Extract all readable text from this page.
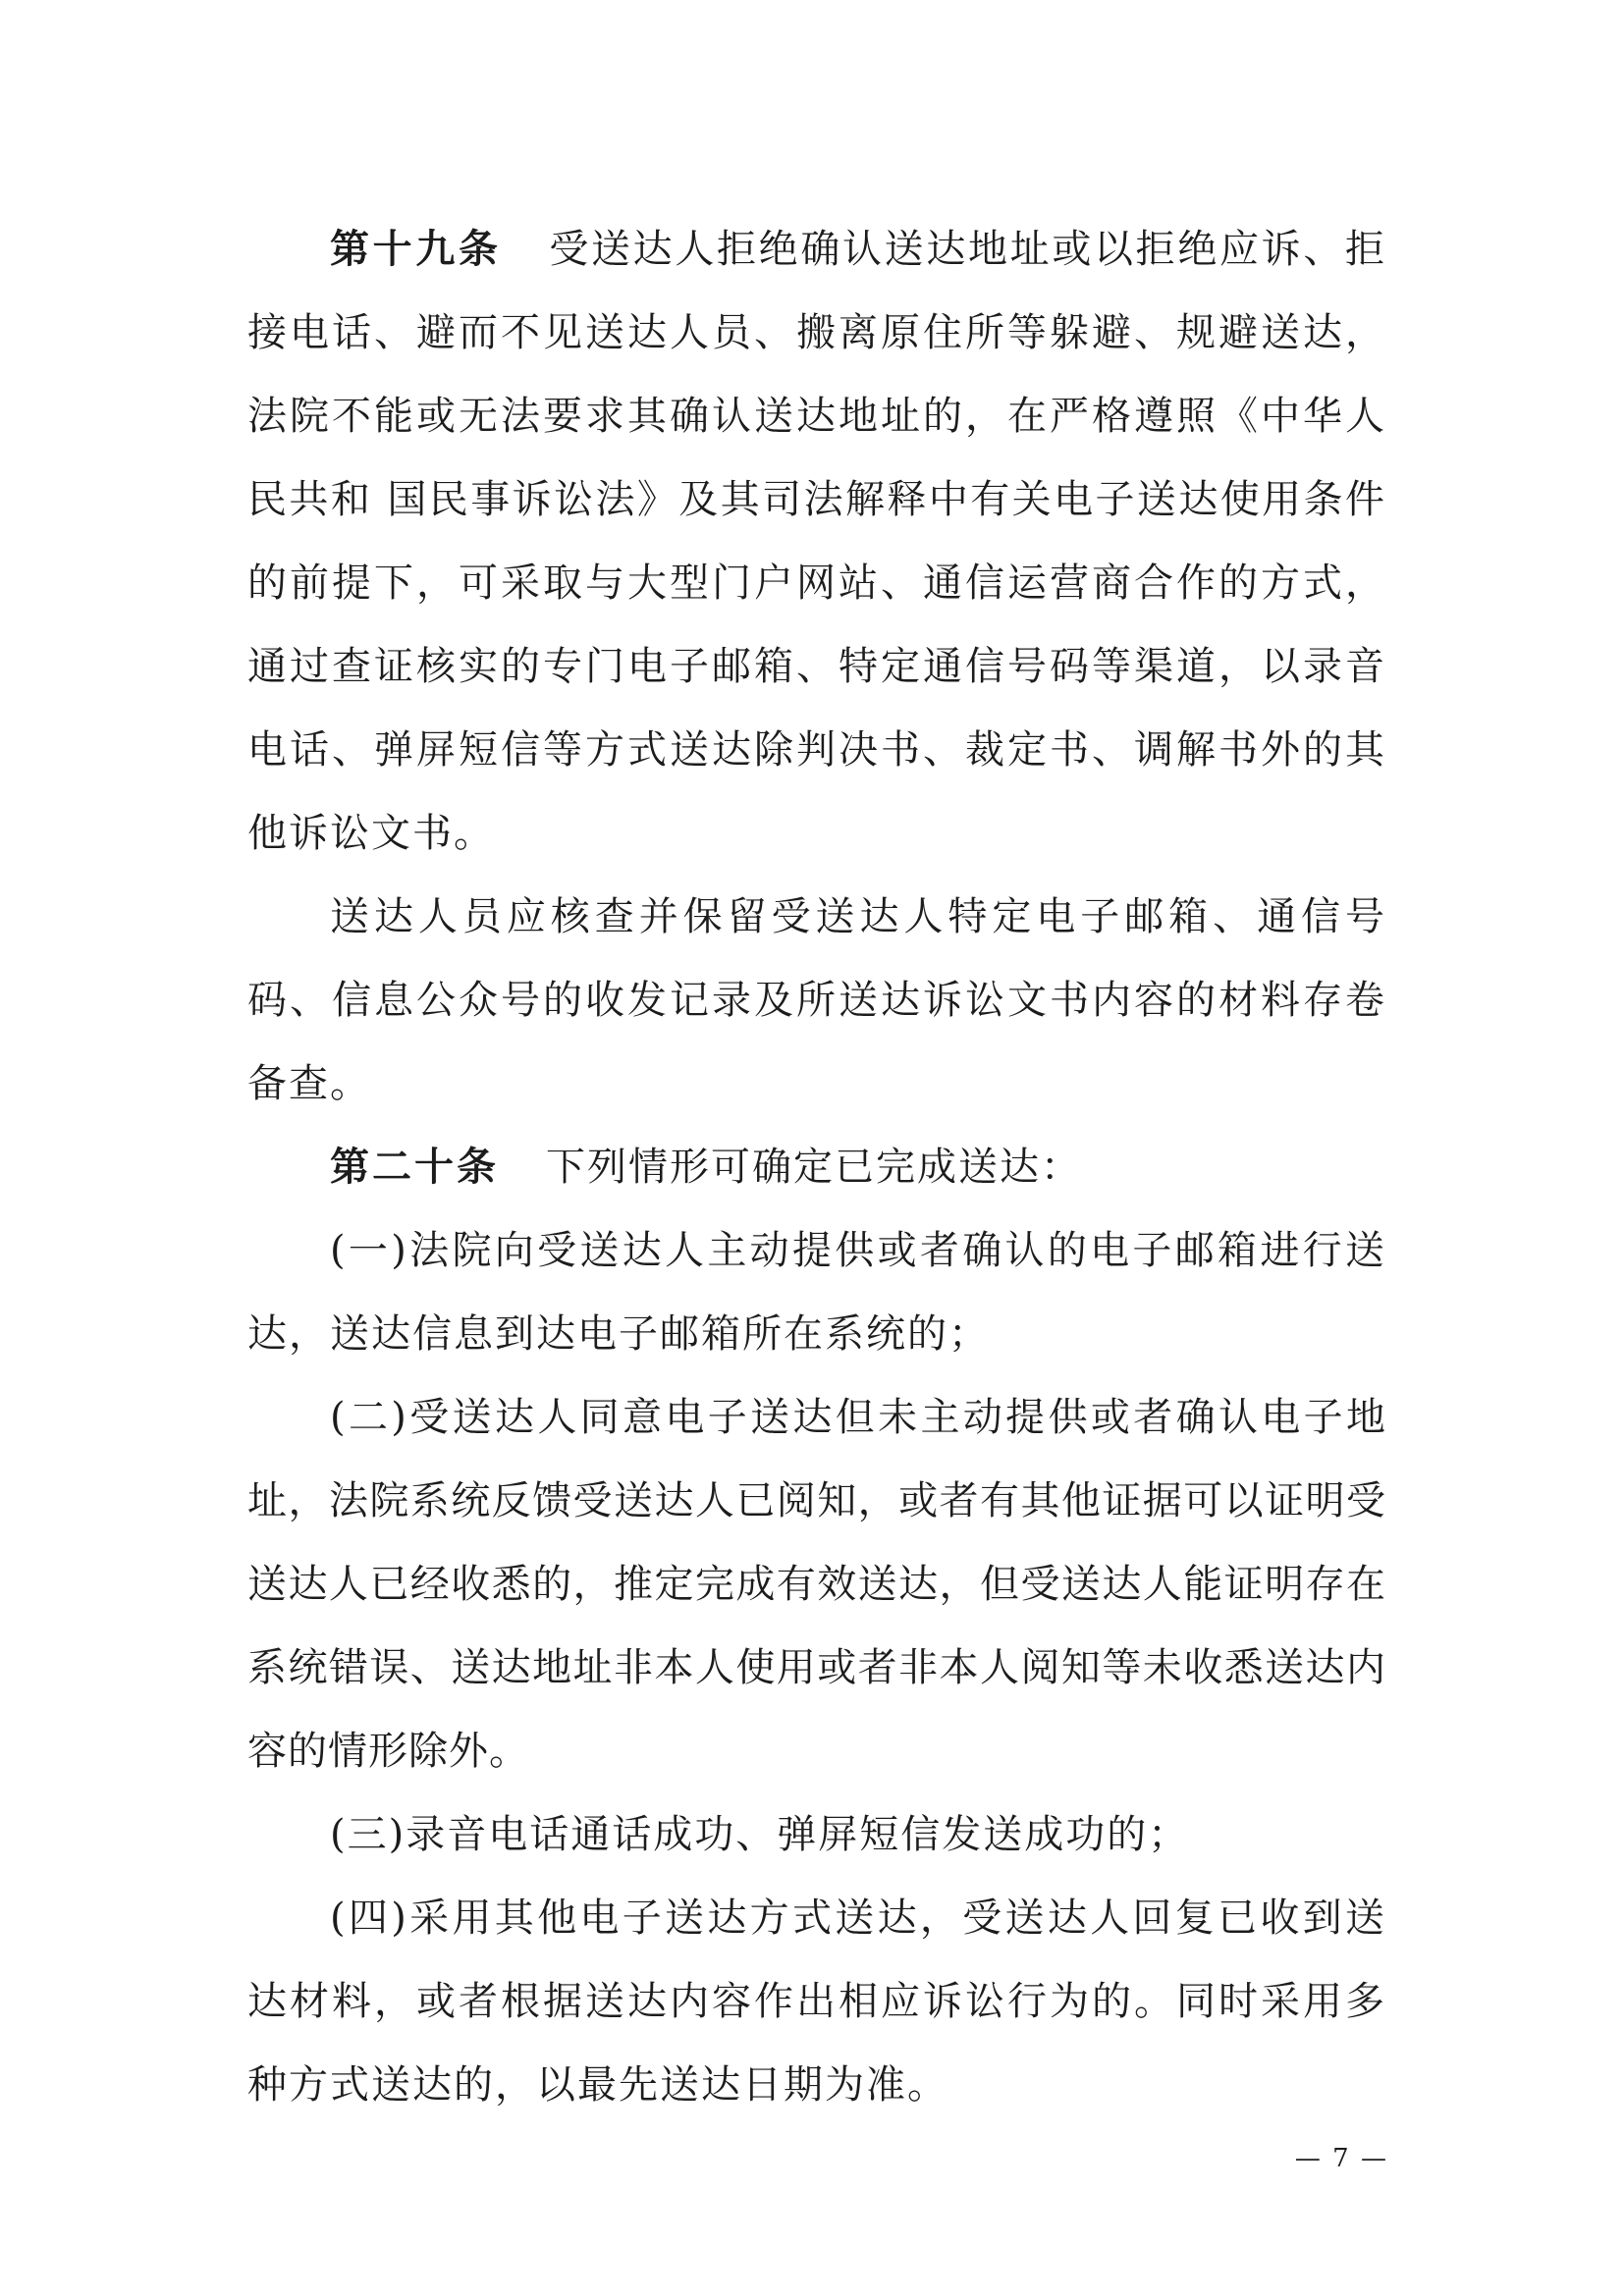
第十九条 受送达人拒绝确认送达地址或以拒绝应诉、拒接电话、避而不见送达人员、搬离原住所等躲避、规避送达，法院不能或无法要求其确认送达地址的，在严格遵照《中华人民共和 国民事诉讼法》及其司法解释中有关电子送达使用条件的前提下，可采取与大型门户网站、通信运营商合作的方式，通过查证核实的专门电子邮箱、特定通信号码等渠道，以录音电话、弹屏短信等方式送达除判决书、裁定书、调解书外的其他诉讼文书。

送达人员应核查并保留受送达人特定电子邮箱、通信号码、信息公众号的收发记录及所送达诉讼文书内容的材料存卷备查。

第二十条 下列情形可确定已完成送达：

(一)法院向受送达人主动提供或者确认的电子邮箱进行送达，送达信息到达电子邮箱所在系统的；

(二)受送达人同意电子送达但未主动提供或者确认电子地址，法院系统反馈受送达人已阅知，或者有其他证据可以证明受送达人已经收悉的，推定完成有效送达，但受送达人能证明存在系统错误、送达地址非本人使用或者非本人阅知等未收悉送达内容的情形除外。

(三)录音电话通话成功、弹屏短信发送成功的；

(四)采用其他电子送达方式送达，受送达人回复已收到送达材料，或者根据送达内容作出相应诉讼行为的。同时采用多种方式送达的，以最先送达日期为准。

— 7 —
